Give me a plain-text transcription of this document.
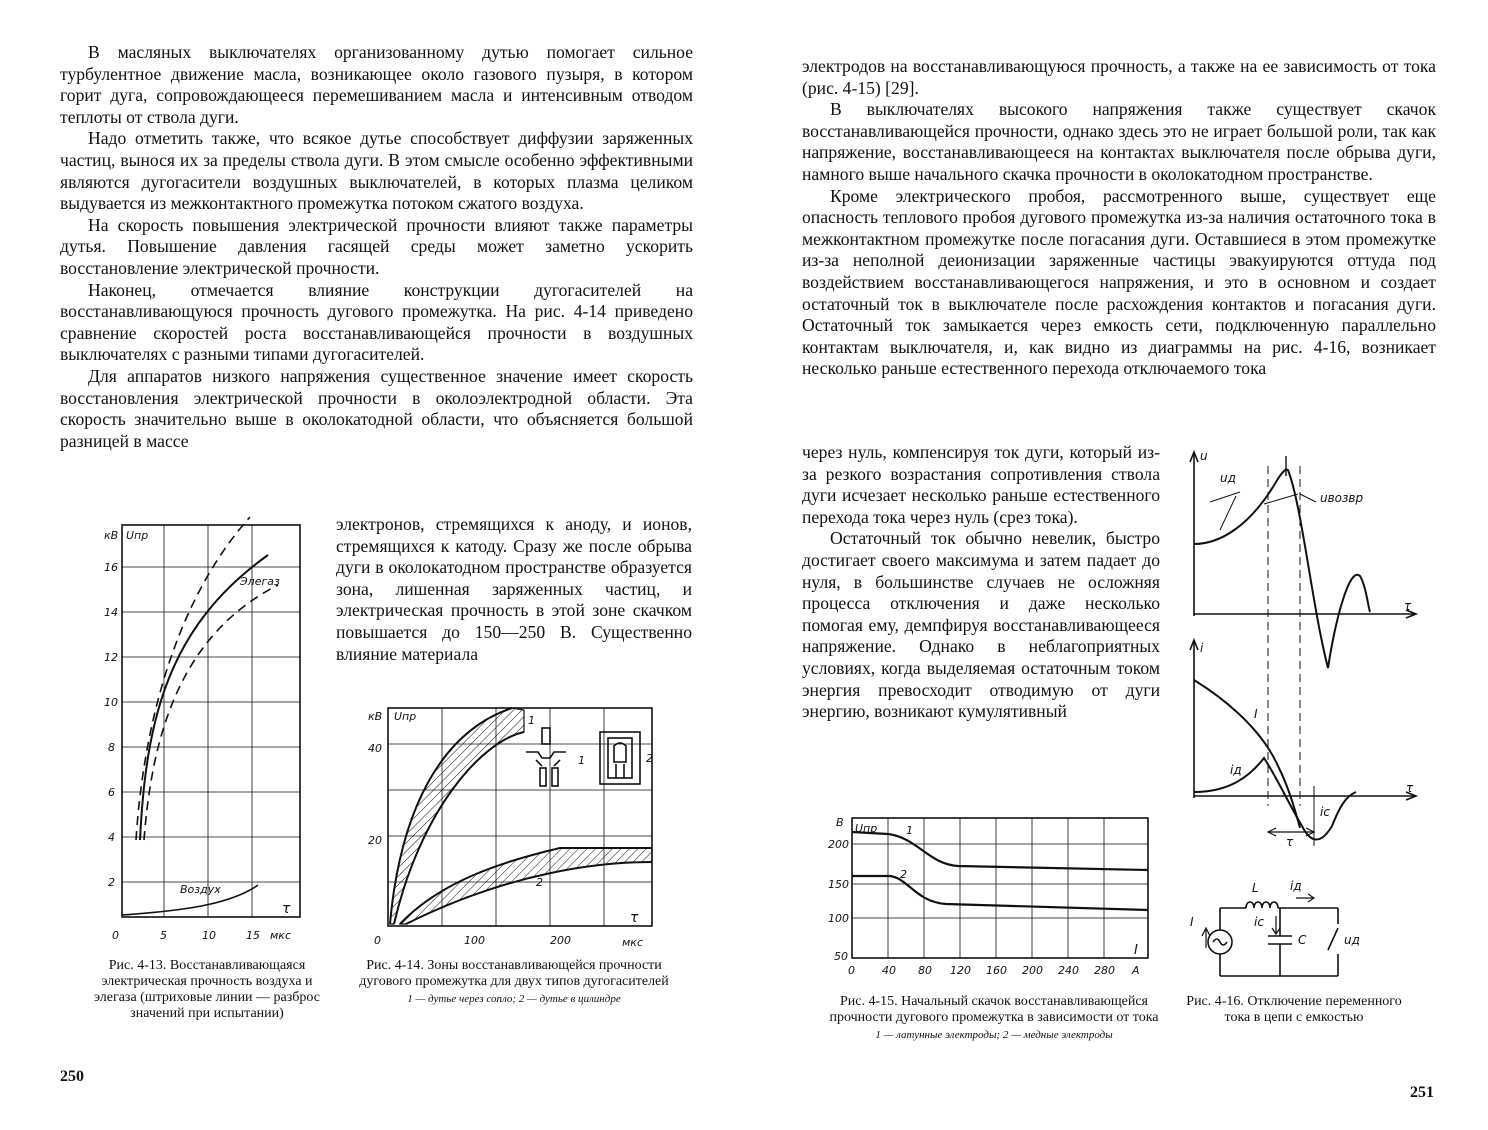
В масляных выключателях организованному дутью помогает сильное турбулентное движение масла, возникающее около газового пузыря, в котором горит дуга, сопровождающееся перемешиванием масла и интенсивным отводом теплоты от ствола дуги.

Надо отметить также, что всякое дутье способствует диффузии заряженных частиц, вынося их за пределы ствола дуги. В этом смысле особенно эффективными являются дугогасители воздушных выключателей, в которых плазма целиком выдувается из межконтактного промежутка потоком сжатого воздуха.

На скорость повышения электрической прочности влияют также параметры дутья. Повышение давления гасящей среды может заметно ускорить восстановление электрической прочности.

Наконец, отмечается влияние конструкции дугогасителей на восстанавливающуюся прочность дугового промежутка. На рис. 4-14 приведено сравнение скоростей роста восстанавливающейся прочности в воздушных выключателях с разными типами дугогасителей.

Для аппаратов низкого напряжения существенное значение имеет скорость восстановления электрической прочности в околоэлектродной области. Эта скорость значительно выше в околокатодной области, что объясняется большой разницей в массе

электронов, стремящихся к аноду, и ионов, стремящихся к катоду. Сразу же после обрыва дуги в околокатодном пространстве образуется зона, лишенная заряженных частиц, и электрическая прочность в этой зоне скачком повышается до 150—250 В. Существенно влияние материала
кВ Uпр
16
14
12
10
8
6
4
2
0	5	10	15 мкс
τ
Элегаз
Воздух
Рис. 4-13. Восстанавливающаяся электрическая прочность воздуха и элегаза (штриховые линии — разброс значений при испытании)
кВ Uпр
40
20
0	100	200	мкс
τ
1
2
1	2
Рис. 4-14. Зоны восстанавливающейся прочности дугового промежутка для двух типов дугогасителей
1 — дутье через сопло; 2 — дутье в цилиндре
250

электродов на восстанавливающуюся прочность, а также на ее зависимость от тока (рис. 4-15) [29].

В выключателях высокого напряжения также существует скачок восстанавливающейся прочности, однако здесь это не играет большой роли, так как напряжение, восстанавливающееся на контактах выключателя после обрыва дуги, намного выше начального скачка прочности в околокатодном пространстве.

Кроме электрического пробоя, рассмотренного выше, существует еще опасность теплового пробоя дугового промежутка из-за наличия остаточного тока в межконтактном промежутке после погасания дуги. Оставшиеся в этом промежутке из-за неполной деионизации заряженные частицы эвакуируются оттуда под воздействием восстанавливающегося напряжения, и это в основном и создает остаточный ток в выключателе после расхождения контактов и погасания дуги. Остаточный ток замыкается через емкость сети, подключенную параллельно контактам выключателя, и, как видно из диаграммы на рис. 4-16, возникает несколько раньше естественного перехода отключаемого тока

через нуль, компенсируя ток дуги, который из-за резкого возрастания сопротивления ствола дуги исчезает несколько раньше естественного перехода тока через нуль (срез тока).

Остаточный ток обычно невелик, быстро достигает своего максимума и затем падает до нуля, в большинстве случаев не осложняя процесса отключения и даже несколько помогая ему, демпфируя восстанавливающееся напряжение. Однако в неблагоприятных условиях, когда выделяемая остаточным током энергия превосходит отводимую от дуги энергию, возникают кумулятивный

В Uпр
200
150
100
50
0 40 80 120 160 200 240 280 А
I
1
2
Рис. 4-15. Начальный скачок восстанавливающейся прочности дугового промежутка в зависимости от тока
1 — латунные электроды; 2 — медные электроды
u
uд
uвозвр
τ
i
I
iд
τ
iс
τ
L	iд
I	iс
C	uд
Рис. 4-16. Отключение переменного тока в цепи с емкостью
251
